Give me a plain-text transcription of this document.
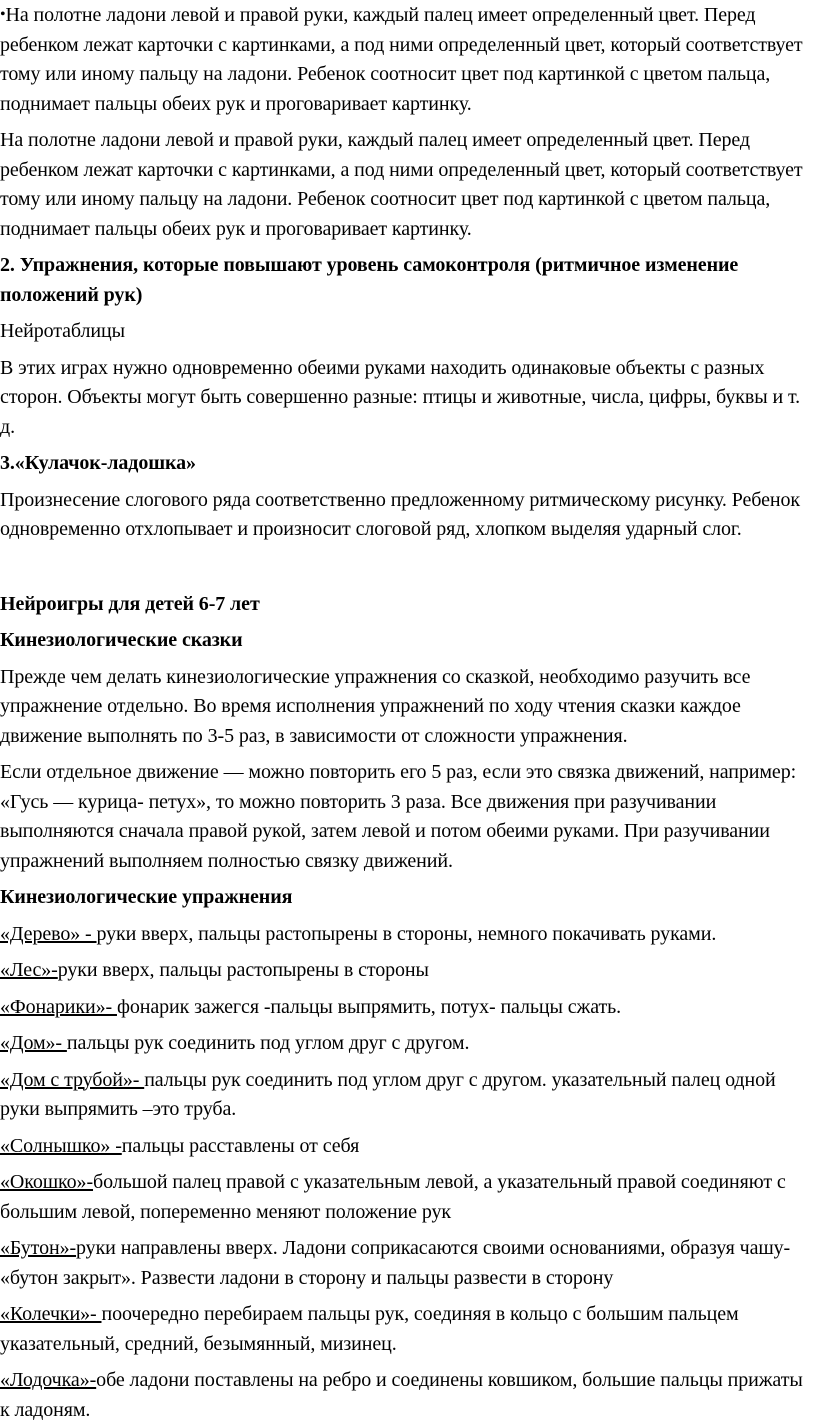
•На полотне ладони левой и правой руки, каждый палец имеет определенный цвет. Перед ребенком лежат карточки с картинками, а под ними определенный цвет, который соответствует тому или иному пальцу на ладони. Ребенок соотносит цвет под картинкой с цветом пальца, поднимает пальцы обеих рук и проговаривает картинку.

На полотне ладони левой и правой руки, каждый палец имеет определенный цвет. Перед ребенком лежат карточки с картинками, а под ними определенный цвет, который соответствует тому или иному пальцу на ладони. Ребенок соотносит цвет под картинкой с цветом пальца, поднимает пальцы обеих рук и проговаривает картинку.

2. Упражнения, которые повышают уровень самоконтроля (ритмичное изменение положений рук)

Нейротаблицы

В этих играх нужно одновременно обеими руками находить одинаковые объекты с разных сторон. Объекты могут быть совершенно разные: птицы и животные, числа, цифры, буквы и т. д.

3.«Кулачок-ладошка»

Произнесение слогового ряда соответственно предложенному ритмическому рисунку. Ребенок одновременно отхлопывает и произносит слоговой ряд, хлопком выделяя ударный слог.

Нейроигры для детей 6-7 лет

Кинезиологические сказки

Прежде чем делать кинезиологические упражнения со сказкой, необходимо разучить все упражнение отдельно. Во время исполнения упражнений по ходу чтения сказки каждое движение выполнять по 3-5 раз, в зависимости от сложности упражнения.

Если отдельное движение — можно повторить его 5 раз, если это связка движений, например: «Гусь — курица- петух», то можно повторить 3 раза. Все движения при разучивании выполняются сначала правой рукой, затем левой и потом обеими руками. При разучивании упражнений выполняем полностью связку движений.

Кинезиологические упражнения

«Дерево» - руки вверх, пальцы растопырены в стороны, немного покачивать руками.

«Лес»-руки вверх, пальцы растопырены в стороны

«Фонарики»- фонарик зажегся -пальцы выпрямить, потух- пальцы сжать.

«Дом»- пальцы рук соединить под углом друг с другом.

«Дом с трубой»- пальцы рук соединить под углом друг с другом. указательный палец одной руки выпрямить –это труба.

«Солнышко» -пальцы расставлены от себя

«Окошко»-большой палец правой с указательным левой, а указательный правой соединяют с большим левой, попеременно меняют положение рук

«Бутон»-руки направлены вверх. Ладони соприкасаются своими основаниями, образуя чашу- «бутон закрыт». Развести ладони в сторону и пальцы развести в сторону

«Колечки»- поочередно перебираем пальцы рук, соединяя в кольцо с большим пальцем указательный, средний, безымянный, мизинец.

«Лодочка»-обе ладони поставлены на ребро и соединены ковшиком, большие пальцы прижаты к ладоням.
